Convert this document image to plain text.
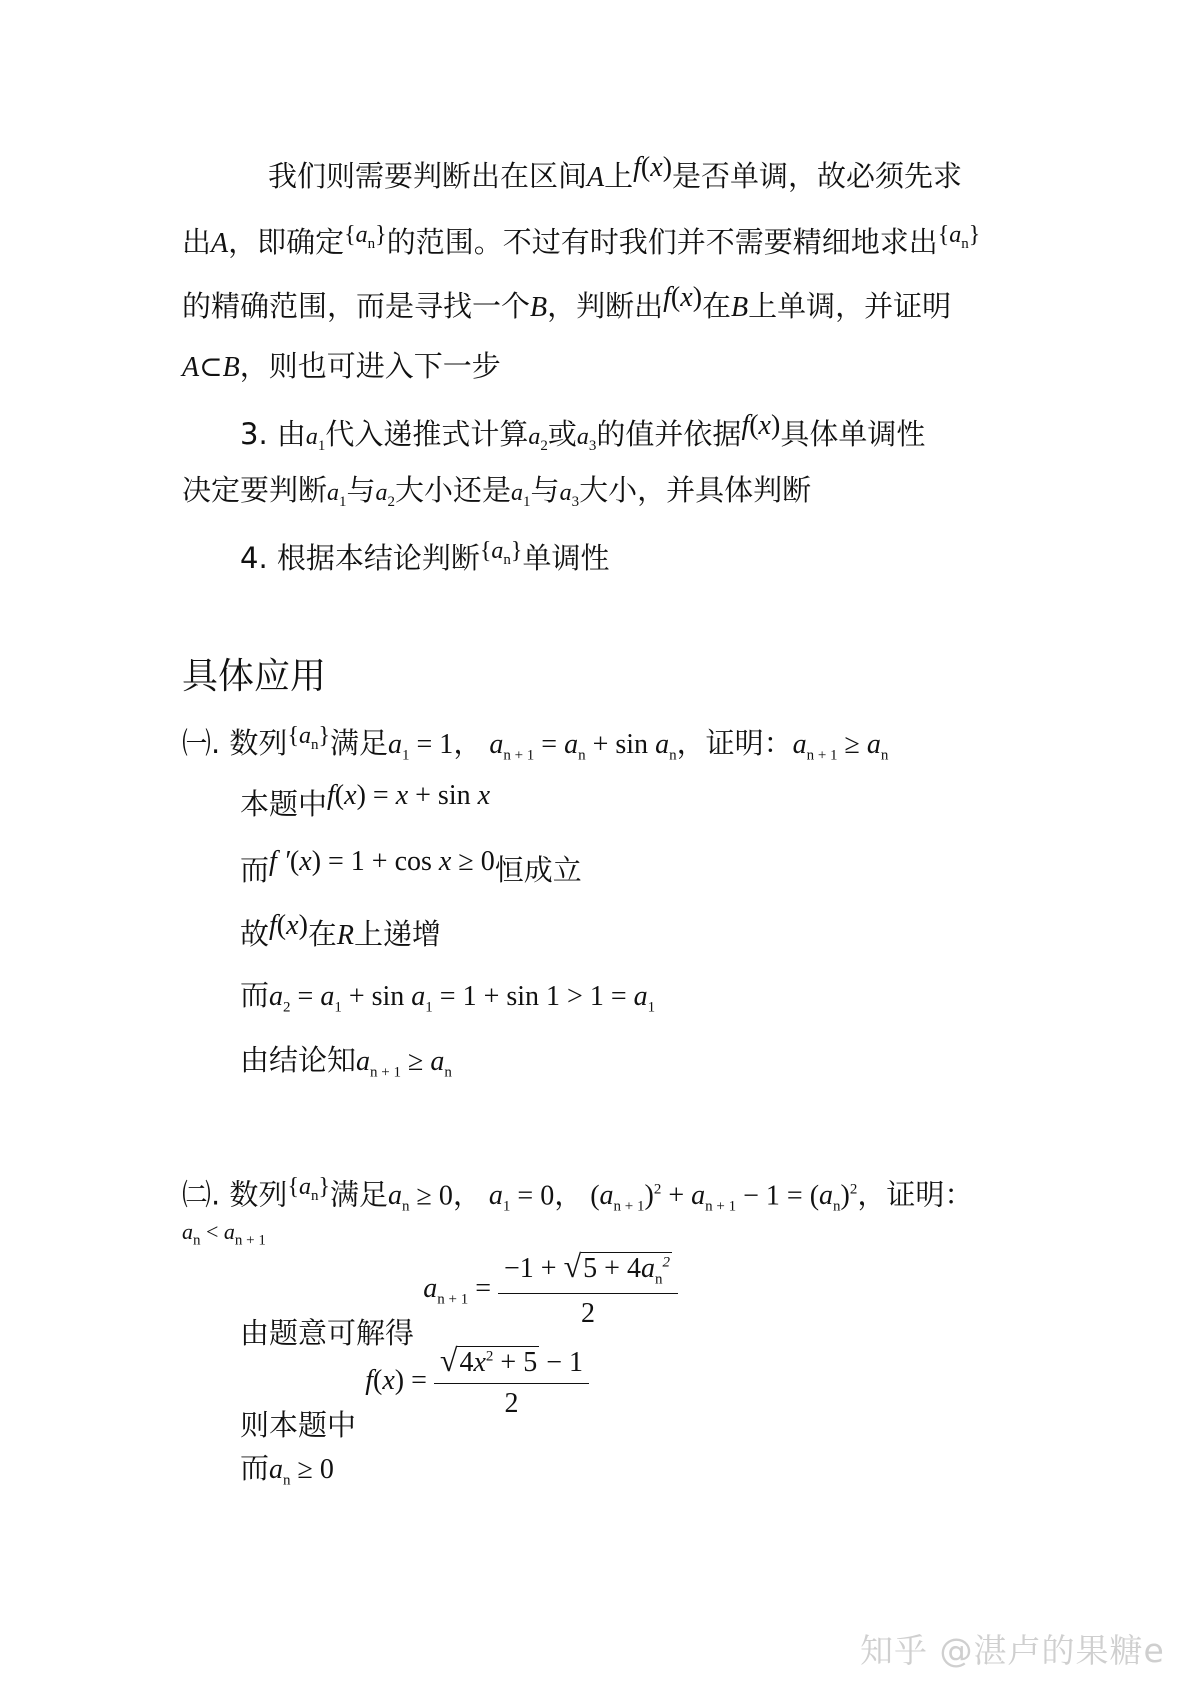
我们则需要判断出在区间A上f(x)是否单调，故必须先求
出A，即确定$^{\{a_n\}}$的范围。不过有时我们并不需要精细地求出$^{\{a_n\}}$
的精确范围，而是寻找一个B，判断出f(x)在B上单调，并证明
A⊂B，则也可进入下一步
3. 由$a_1$代入递推式计算$a_2$或$a_3$的值并依据f(x)具体单调性
决定要判断$a_1$与$a_2$大小还是$a_1$与$a_3$大小，并具体判断
4. 根据本结论判断$^{\{a_n\}}$单调性
具体应用
㈠. 数列$^{\{a_n\}}$满足$a_1 = 1$， $a_{n + 1} = a_n + \sin a_n$，证明：$a_{n + 1} \ge a_n$
本题中f(x) = x + sin x
而f ′(x) = 1 + cos x ≥ 0恒成立
故f(x)在R上递增
而$a_2 = a_1 + \sin a_1 = 1 + \sin 1 > 1 = a_1$
由结论知$a_{n + 1} \ge a_n$
㈡. 数列$^{\{a_n\}}$满足$a_n \ge 0$， $a_1 = 0$， $(a_{n + 1})^2 + a_{n + 1} - 1 = (a_n)^2$，证明：
$a_n < a_{n + 1}$
由题意可解得 $a_{n + 1} = \frac{-1 + √5 + 4a_n^2}{2}$
则本题中 $f(x) = \frac{√4x^2 + 5 - 1}{2}$
而$a_n \ge 0$
知乎 @湛卢的果糖e
